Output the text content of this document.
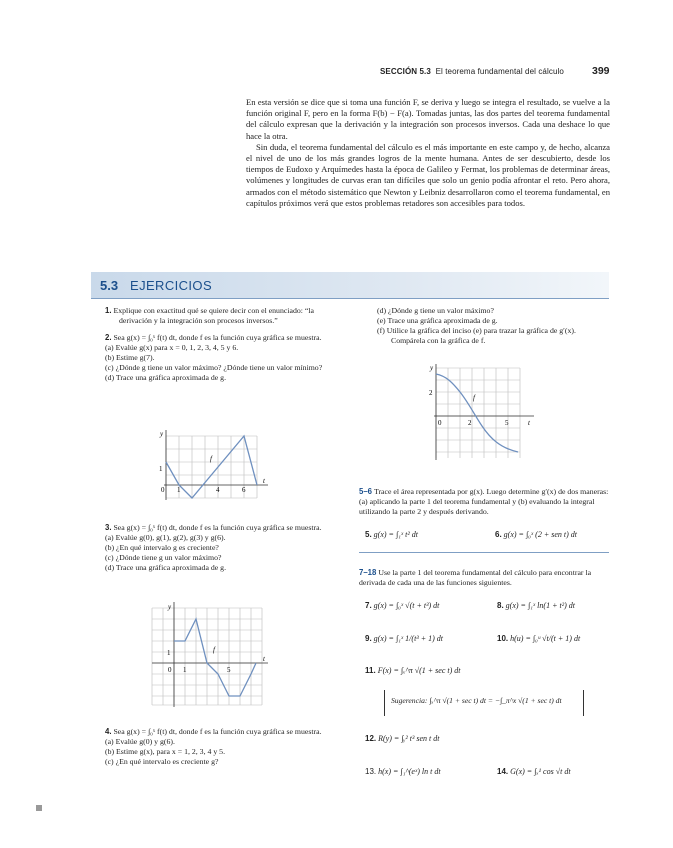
SECCIÓN 5.3 El teorema fundamental del cálculo	399

En esta versión se dice que si toma una función F, se deriva y luego se integra el resultado, se vuelve a la función original F, pero en la forma F(b) − F(a). Tomadas juntas, las dos partes del teorema fundamental del cálculo expresan que la derivación y la integración son procesos inversos. Cada una deshace lo que hace la otra.

Sin duda, el teorema fundamental del cálculo es el más importante en este campo y, de hecho, alcanza el nivel de uno de los más grandes logros de la mente humana. Antes de ser descubierto, desde los tiempos de Eudoxo y Arquímedes hasta la época de Galileo y Fermat, los problemas de determinar áreas, volúmenes y longitudes de curvas eran tan difíciles que solo un genio podía afrontar el reto. Pero ahora, armados con el método sistemático que Newton y Leibniz desarrollaron como el teorema fundamental, en capítulos próximos verá que estos problemas retadores son accesibles para todos.

5.3 EJERCICIOS

1. Explique con exactitud qué se quiere decir con el enunciado: “la derivación y la integración son procesos inversos.”

2. Sea g(x) = ∫₀ˣ f(t) dt, donde f es la función cuya gráfica se muestra.

(a) Evalúe g(x) para x = 0, 1, 2, 3, 4, 5 y 6.

(b) Estime g(7).

(c) ¿Dónde g tiene un valor máximo? ¿Dónde tiene un valor mínimo?

(d) Trace una gráfica aproximada de g.

y
t
f
0 1	4	6
1

3. Sea g(x) = ∫₀ˣ f(t) dt, donde f es la función cuya gráfica se muestra.

(a) Evalúe g(0), g(1), g(2), g(3) y g(6).

(b) ¿En qué intervalo g es creciente?

(c) ¿Dónde tiene g un valor máximo?

(d) Trace una gráfica aproximada de g.

y
t
f
0 1	5
1

4. Sea g(x) = ∫₀ˣ f(t) dt, donde f es la función cuya gráfica se muestra.

(a) Evalúe g(0) y g(6).

(b) Estime g(x), para x = 1, 2, 3, 4 y 5.

(c) ¿En qué intervalo es creciente g?

(d) ¿Dónde g tiene un valor máximo?

(e) Trace una gráfica aproximada de g.

(f) Utilice la gráfica del inciso (e) para trazar la gráfica de g′(x). Compárela con la gráfica de f.

y
t
f
0	2	5
2

5–6 Trace el área representada por g(x). Luego determine g′(x) de dos maneras: (a) aplicando la parte 1 del teorema fundamental y (b) evaluando la integral utilizando la parte 2 y después derivando.

5. g(x) = ∫₁ˣ t² dt	6. g(x) = ∫₀ˣ (2 + sen t) dt

7–18 Use la parte 1 del teorema fundamental del cálculo para encontrar la derivada de cada una de las funciones siguientes.

7. g(x) = ∫₀ˣ √(t + t³) dt	8. g(x) = ∫₁ˣ ln(1 + t²) dt
9. g(x) = ∫₁ˣ 1/(t³ + 1) dt	10. h(u) = ∫₀ᵘ √t/(t + 1) dt
11. F(x) = ∫ₓ^π √(1 + sec t) dt
Sugerencia: ∫ₓ^π √(1 + sec t) dt = −∫_π^x √(1 + sec t) dt
12. R(y) = ∫ᵧ² t³ sen t dt
13. h(x) = ∫₁^(eˣ) ln t dt	14. G(x) = ∫ₓ¹ cos √t dt
